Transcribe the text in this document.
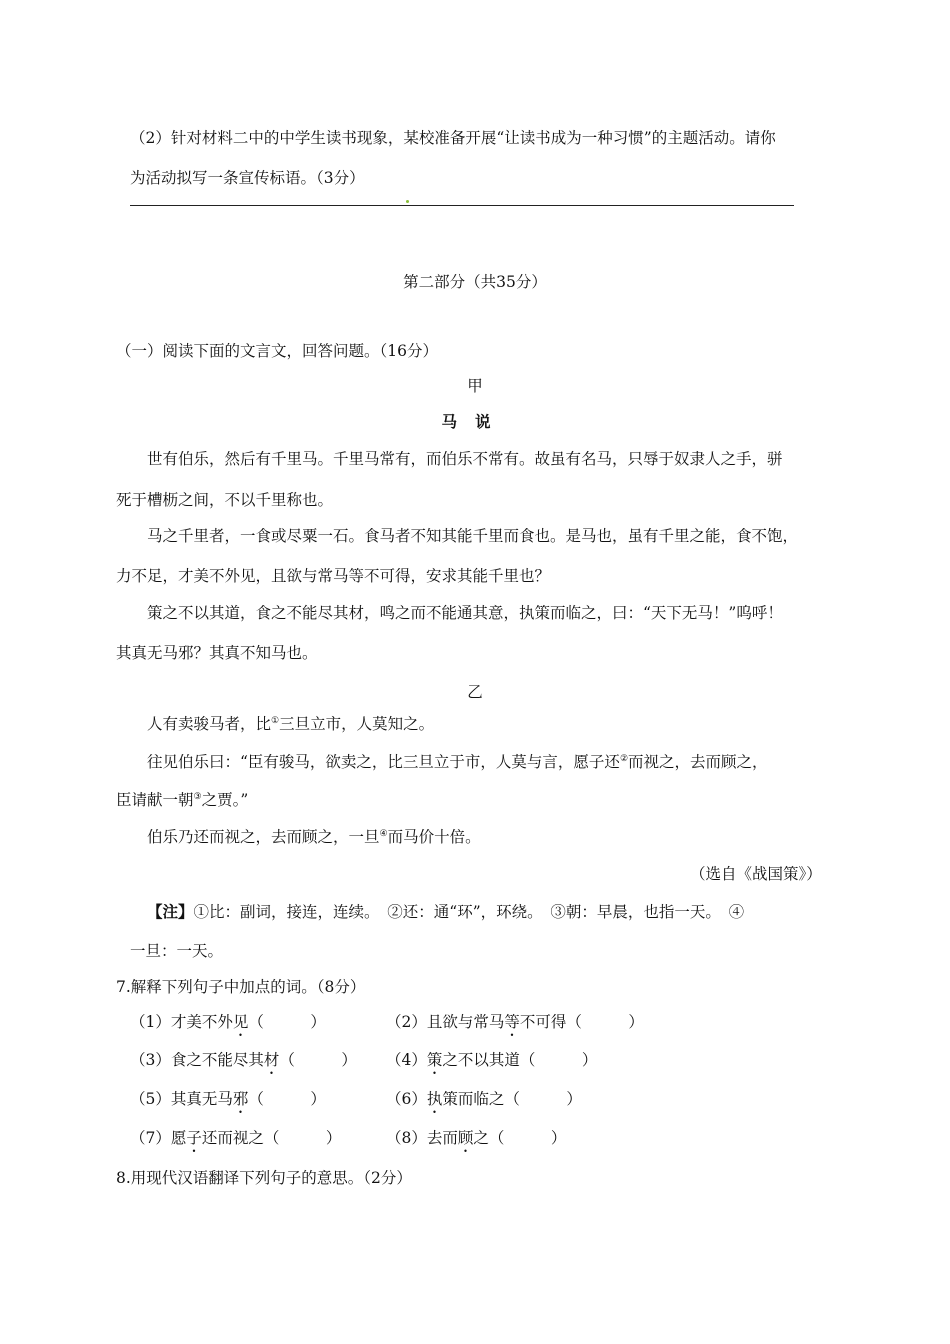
（2）针对材料二中的中学生读书现象，某校准备开展“让读书成为一种习惯”的主题活动。请你
为活动拟写一条宣传标语。（3分）
第二部分（共35分）
（一）阅读下面的文言文，回答问题。（16分）
甲
马说
世有伯乐，然后有千里马。千里马常有，而伯乐不常有。故虽有名马，只辱于奴隶人之手，骈
死于槽枥之间，不以千里称也。
马之千里者，一食或尽粟一石。食马者不知其能千里而食也。是马也，虽有千里之能，食不饱，
力不足，才美不外见，且欲与常马等不可得，安求其能千里也？
策之不以其道，食之不能尽其材，鸣之而不能通其意，执策而临之，曰：“天下无马！”呜呼！
其真无马邪？其真不知马也。
乙
人有卖骏马者，比①三旦立市，人莫知之。
往见伯乐曰：“臣有骏马，欲卖之，比三旦立于市，人莫与言，愿子还②而视之，去而顾之，
臣请献一朝③之贾。”
伯乐乃还而视之，去而顾之，一旦④而马价十倍。
（选自《战国策》）
【注】①比：副词，接连，连续。　②还：通“环”，环绕。　③朝：早晨，也指一天。　④
一旦：一天。
7.解释下列句子中加点的词。（8分）
（1）才美不外见（　　　）	（2）且欲与常马等不可得（　　　）
（3）食之不能尽其材（　　　） （4）策之不以其道（　　　）
（5）其真无马邪（　　　）	（6）执策而临之（　　　）
（7）愿子还而视之（　　　）	（8）去而顾之（　　　）
8.用现代汉语翻译下列句子的意思。（2分）
